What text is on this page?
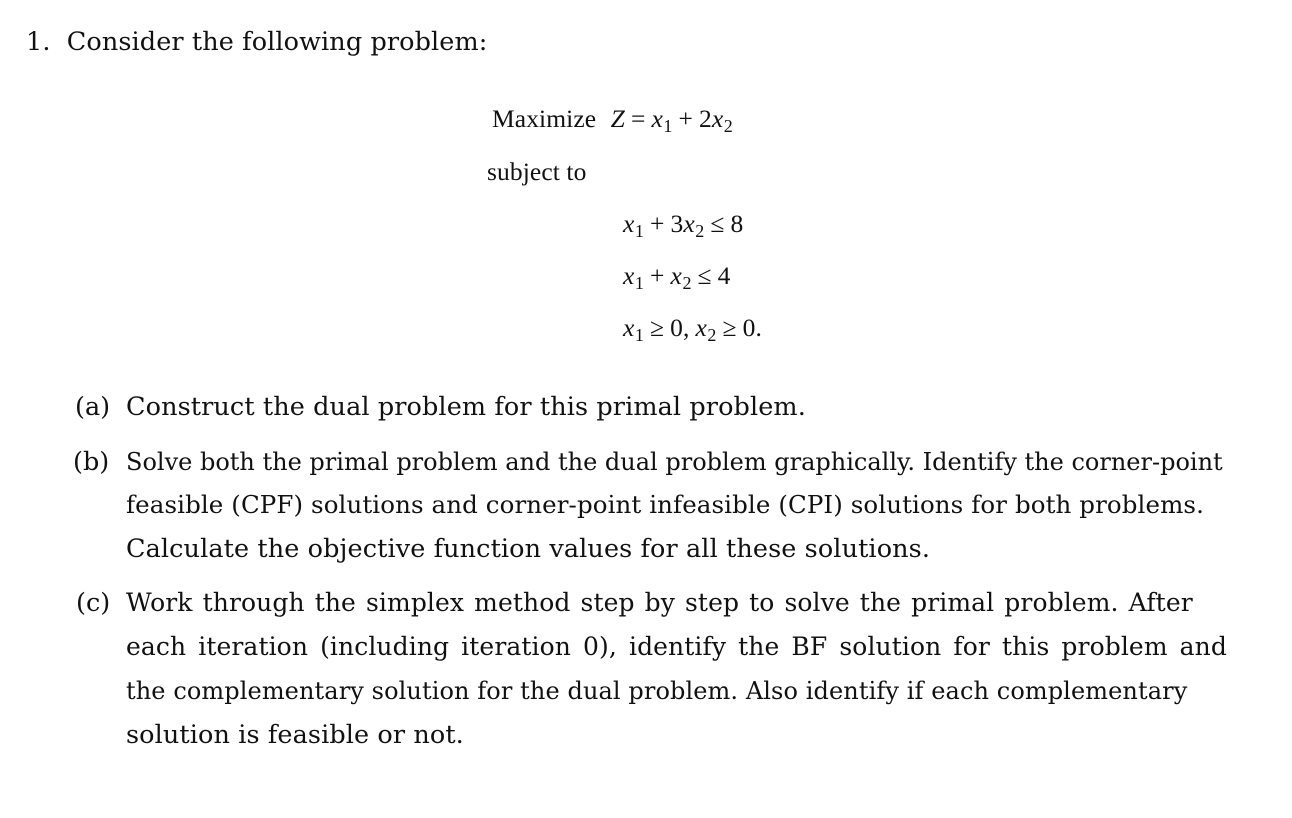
1. Consider the following problem:
Maximize $Z = x_1 + 2x_2$
subject to
$x_1 + 3x_2 \le 8$
$x_1 + x_2 \le 4$
$x_1 \ge 0$, $x_2 \ge 0$.
(a) Construct the dual problem for this primal problem.
(b) Solve both the primal problem and the dual problem graphically. Identify the corner-point
feasible (CPF) solutions and corner-point infeasible (CPI) solutions for both problems.
Calculate the objective function values for all these solutions.
(c) Work through the simplex method step by step to solve the primal problem. After
each iteration (including iteration 0), identify the BF solution for this problem and
the complementary solution for the dual problem. Also identify if each complementary
solution is feasible or not.
